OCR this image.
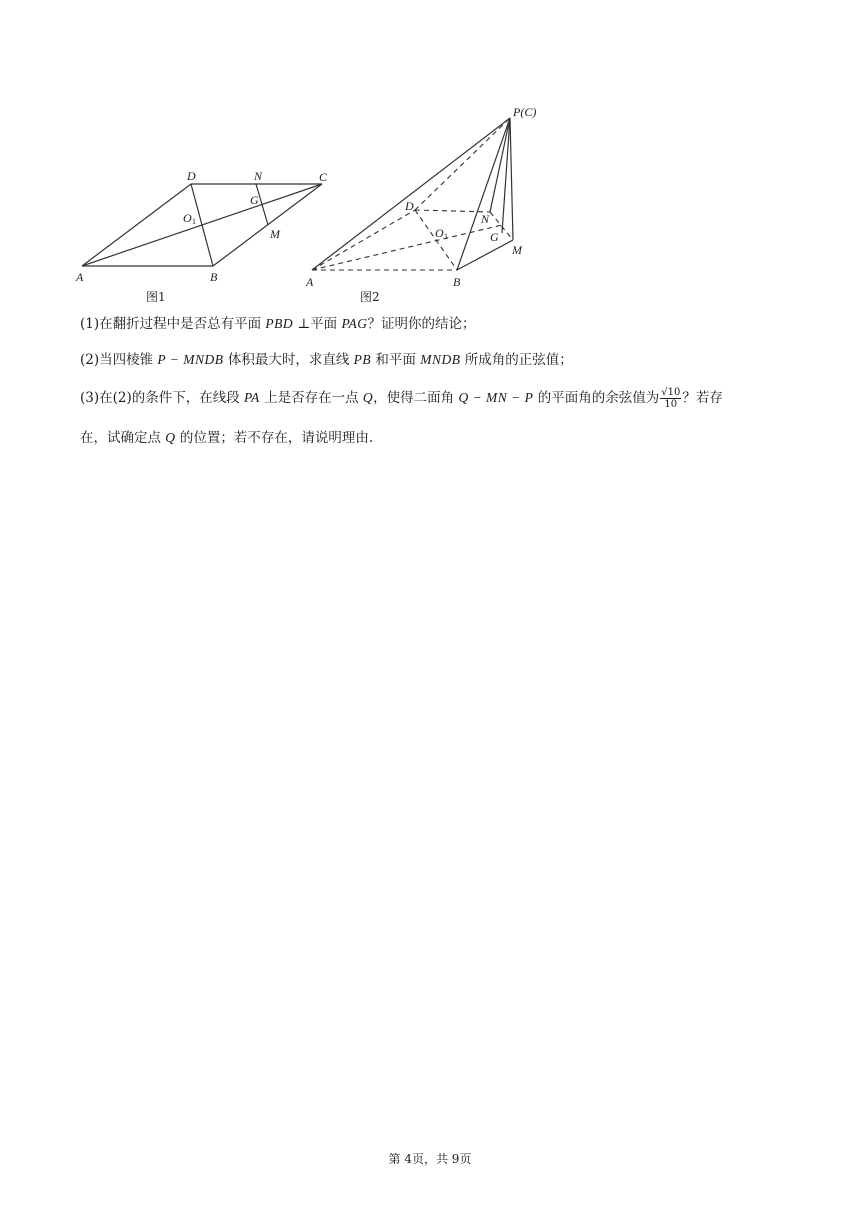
A	B
C
D	N
G
M
O 1
图1
A	B
D
N
G
M
O 1
P(C)
图2
(1)在翻折过程中是否总有平面 PBD ⊥平面 PAG？证明你的结论；
(2)当四棱锥 P − MNDB 体积最大时，求直线 PB 和平面 MNDB 所成角的正弦值；
(3)在(2)的条件下，在线段 PA 上是否存在一点 Q，使得二面角 Q − MN − P 的平面角的余弦值为 $\frac{√10}{10}$ ？若存
在，试确定点 Q 的位置；若不存在，请说明理由.
第 4页，共 9页
